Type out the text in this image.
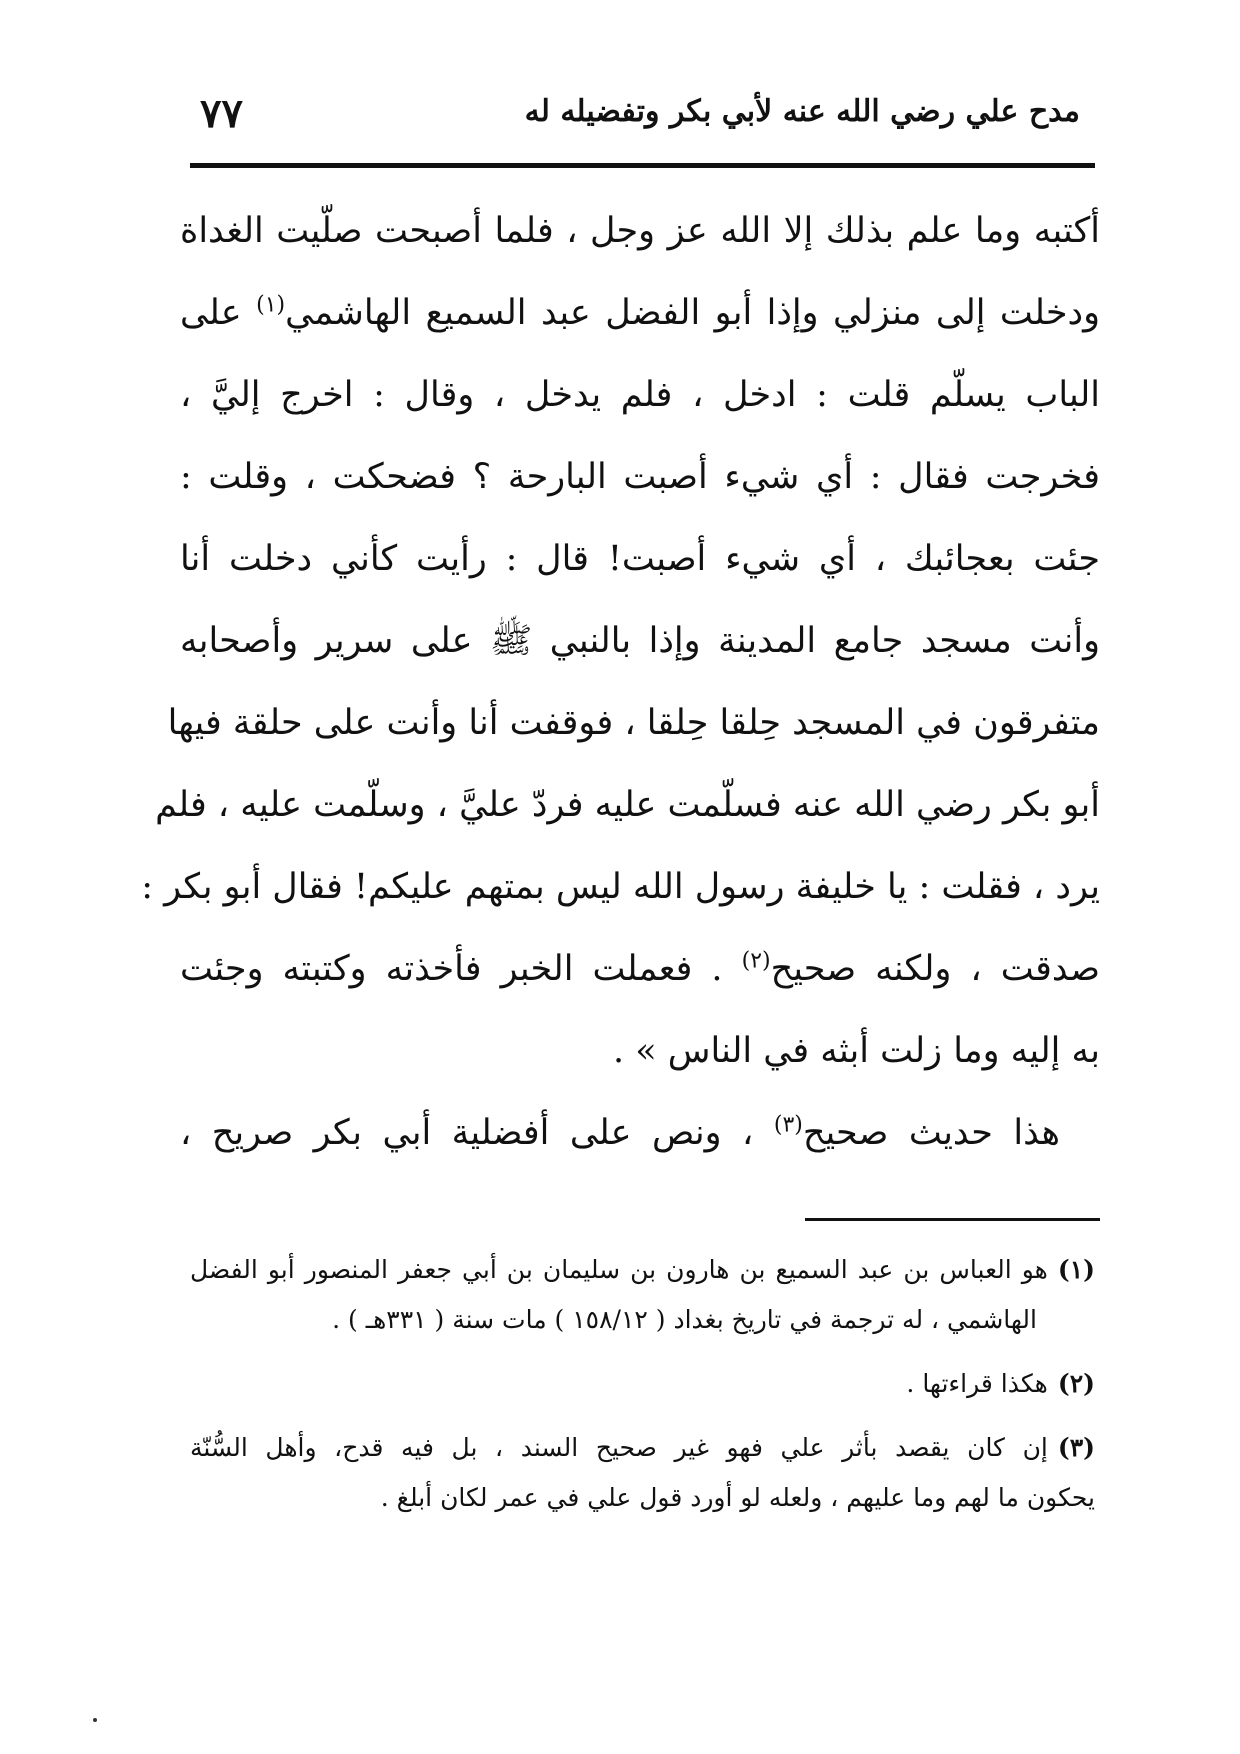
مدح علي رضي الله عنه لأبي بكر وتفضيله له
٧٧
أكتبه وما علم بذلك إلا الله عز وجل ، فلما أصبحت صلّيت الغداة
ودخلت إلى منزلي وإذا أبو الفضل عبد السميع الهاشمي$^{(١)}$ على
الباب يسلّم قلت : ادخل ، فلم يدخل ، وقال : اخرج إليَّ ،
فخرجت فقال : أي شيء أصبت البارحة ؟ فضحكت ، وقلت :
جئت بعجائبك ، أي شيء أصبت! قال : رأيت كأني دخلت أنا
وأنت مسجد جامع المدينة وإذا بالنبي ﷺ على سرير وأصحابه
متفرقون في المسجد حِلقا حِلقا ، فوقفت أنا وأنت على حلقة فيها
أبو بكر رضي الله عنه فسلّمت عليه فردّ عليَّ ، وسلّمت عليه ، فلم
يرد ، فقلت : يا خليفة رسول الله ليس بمتهم عليكم! فقال أبو بكر :
صدقت ، ولكنه صحيح$^{(٢)}$ . فعملت الخبر فأخذته وكتبته وجئت
به إليه وما زلت أبثه في الناس » .
هذا حديث صحيح$^{(٣)}$ ، ونص على أفضلية أبي بكر صريح ،
(١)هو العباس بن عبد السميع بن هارون بن سليمان بن أبي جعفر المنصور أبو الفضل
الهاشمي ، له ترجمة في تاريخ بغداد ( ١٥٨/١٢ ) مات سنة ( ٣٣١هـ ) .
(٢)هكذا قراءتها .
(٣)إن كان يقصد بأثر علي فهو غير صحيح السند ، بل فيه قدح، وأهل السُّنّة
يحكون ما لهم وما عليهم ، ولعله لو أورد قول علي في عمر لكان أبلغ .
